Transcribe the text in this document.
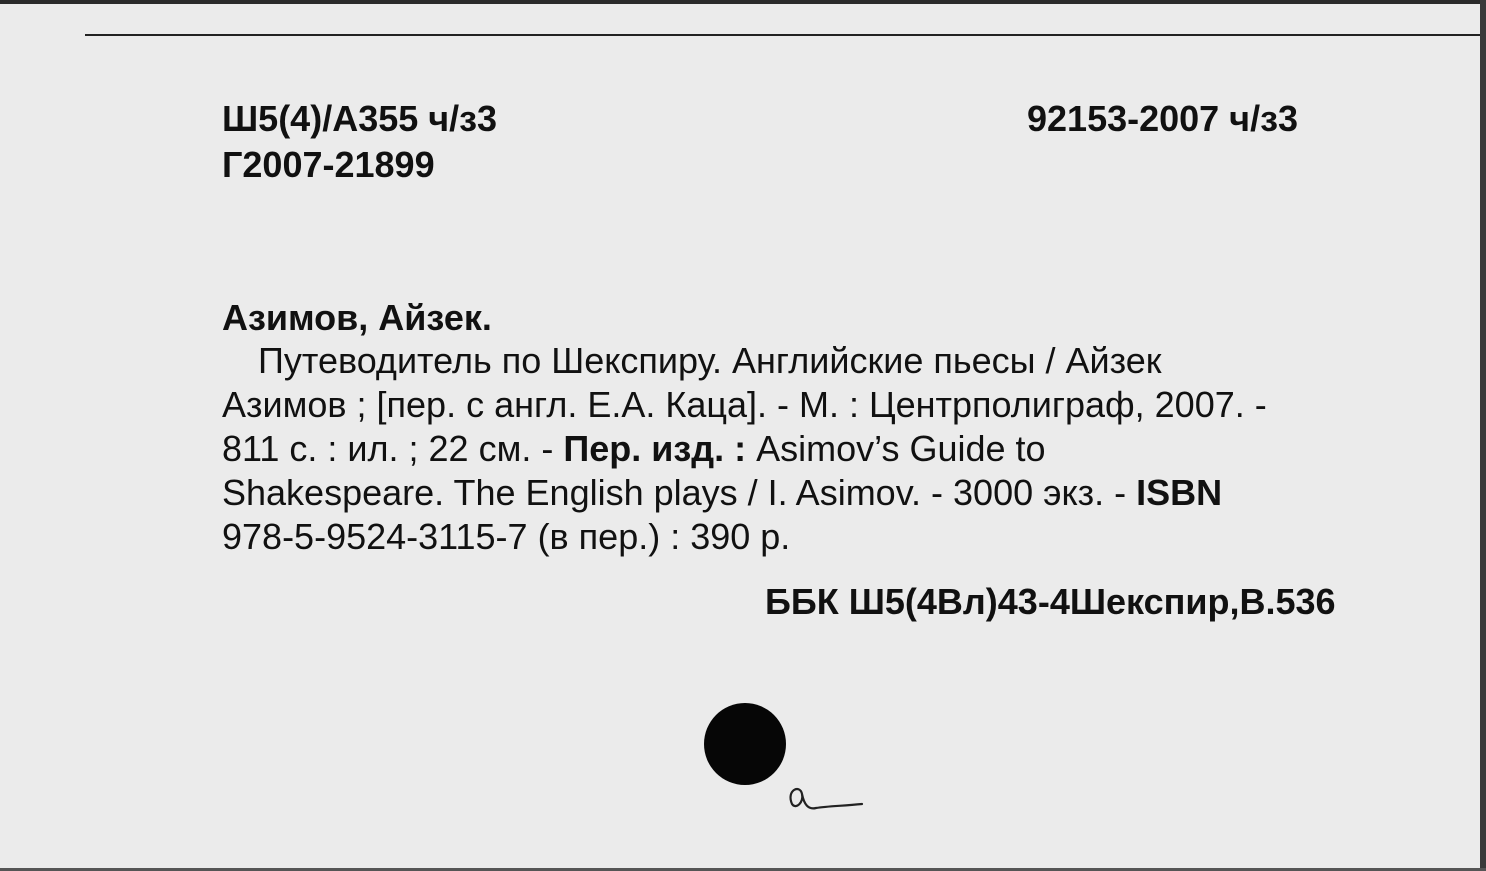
Ш5(4)/А355 ч/з3
Г2007-21899
92153-2007 ч/з3
Азимов, Айзек.
Путеводитель по Шекспиру. Английские пьесы / Айзек
Азимов ; [пер. с англ. Е.А. Каца]. - М. : Центрполиграф, 2007. -
811 с. : ил. ; 22 см. - Пер. изд. : Asimov’s Guide to
Shakespeare. The English plays / I. Asimov. - 3000 экз. - ISBN
978-5-9524-3115-7 (в пер.) : 390 р.
ББК Ш5(4Вл)43-4Шекспир,В.536
